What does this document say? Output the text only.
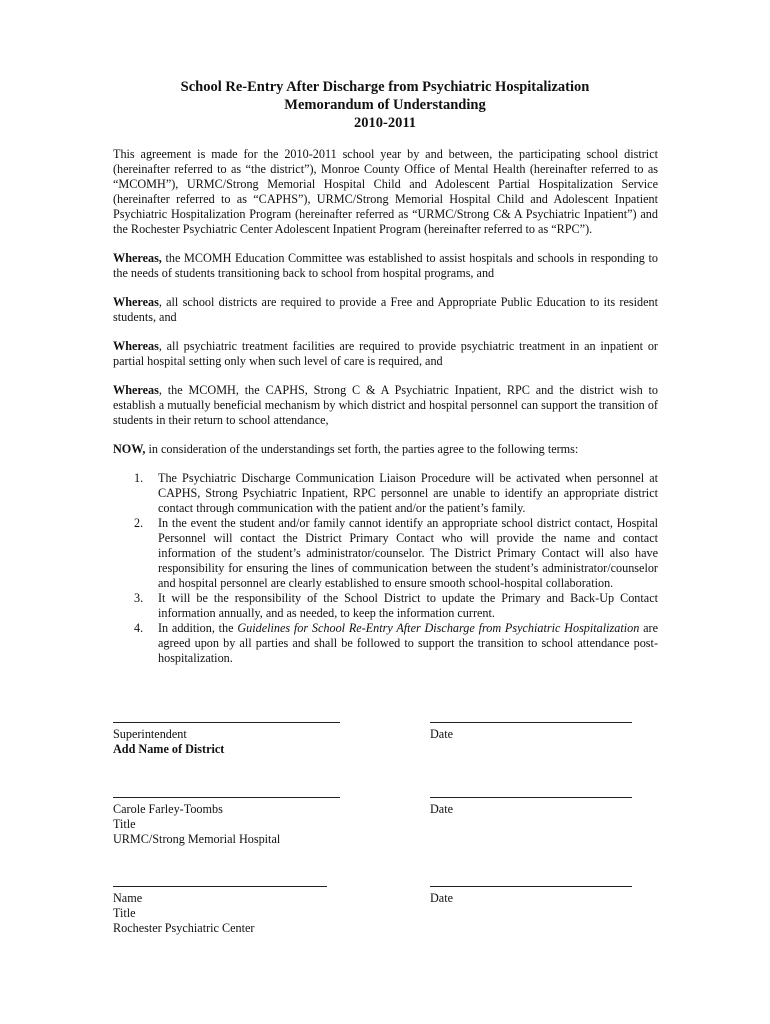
School Re-Entry After Discharge from Psychiatric Hospitalization
Memorandum of Understanding
2010-2011

This agreement is made for the 2010-2011 school year by and between, the participating school district (hereinafter referred to as “the district”), Monroe County Office of Mental Health (hereinafter referred to as “MCOMH”), URMC/Strong Memorial Hospital Child and Adolescent Partial Hospitalization Service (hereinafter referred to as “CAPHS”), URMC/Strong Memorial Hospital Child and Adolescent Inpatient Psychiatric Hospitalization Program (hereinafter referred as “URMC/Strong C& A Psychiatric Inpatient”) and the Rochester Psychiatric Center Adolescent Inpatient Program (hereinafter referred to as “RPC”).

Whereas, the MCOMH Education Committee was established to assist hospitals and schools in responding to the needs of students transitioning back to school from hospital programs, and

Whereas, all school districts are required to provide a Free and Appropriate Public Education to its resident students, and

Whereas, all psychiatric treatment facilities are required to provide psychiatric treatment in an inpatient or partial hospital setting only when such level of care is required, and

Whereas, the MCOMH, the CAPHS, Strong C & A Psychiatric Inpatient, RPC and the district wish to establish a mutually beneficial mechanism by which district and hospital personnel can support the transition of students in their return to school attendance,

NOW, in consideration of the understandings set forth, the parties agree to the following terms:

1. The Psychiatric Discharge Communication Liaison Procedure will be activated when personnel at CAPHS, Strong Psychiatric Inpatient, RPC personnel are unable to identify an appropriate district contact through communication with the patient and/or the patient’s family.
2. In the event the student and/or family cannot identify an appropriate school district contact, Hospital Personnel will contact the District Primary Contact who will provide the name and contact information of the student’s administrator/counselor. The District Primary Contact will also have responsibility for ensuring the lines of communication between the student’s administrator/counselor and hospital personnel are clearly established to ensure smooth school-hospital collaboration.
3. It will be the responsibility of the School District to update the Primary and Back-Up Contact information annually, and as needed, to keep the information current.
4. In addition, the Guidelines for School Re-Entry After Discharge from Psychiatric Hospitalization are agreed upon by all parties and shall be followed to support the transition to school attendance post-hospitalization.
Superintendent
Add Name of District
Date
Carole Farley-Toombs
Title
URMC/Strong Memorial Hospital
Date
Name
Title
Rochester Psychiatric Center
Date
